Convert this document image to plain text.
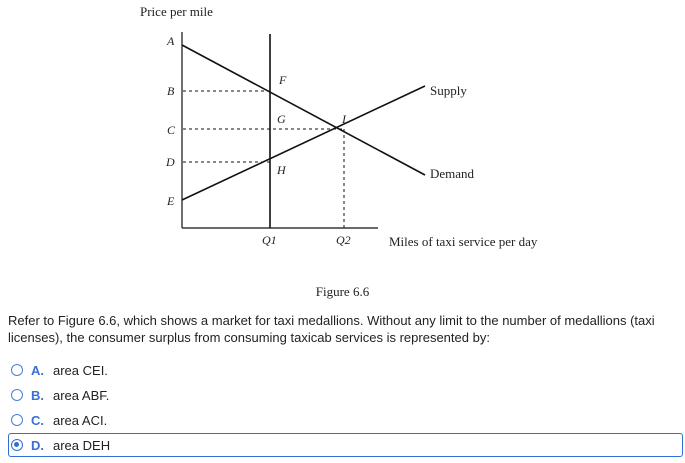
Price per mile
Miles of taxi service per day
A
B
C
D
E
Supply
Demand
F
G
H
I
Q1	Q2
Figure 6.6
Refer to Figure 6.6, which shows a market for taxi medallions. Without any limit to the number of medallions (taxi licenses), the consumer surplus from consuming taxicab services is represented by:
A. area CEI.
B. area ABF.
C. area ACI.
D. area DEH
